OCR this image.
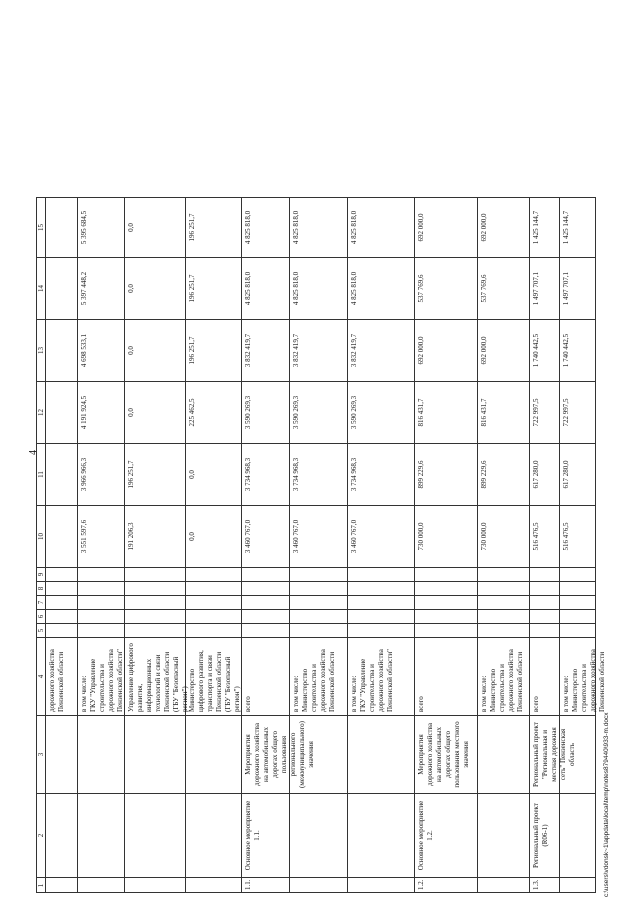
4
1
2
3
4
5
6
7
8
9
10
11
12
13
14
15
дорожного хозяйства Пензенской области	в том числе:
ГКУ "Управление строительства и дорожного хозяйства Пензенской области"
3 551 597,6
3 966 966,3
4 191 924,5
4 698 533,1
5 397 448,2
5 395 684,5
Управление цифрового развития, информационных технологий и связи Пензенской области (ГБУ "Безопасный регион")
191 206,3
196 251,7
0,0
0,0
0,0
0,0
Министерство цифрового развития, транспорта и связи Пензенской области (ГБУ "Безопасный регион")
0,0
0,0
225 462,5
196 251,7
196 251,7
196 251,7
1.1.
Основное мероприятие 1.1.
Мероприятия дорожного хозяйства на автомобильных дорогах общего пользования регионального (межмуниципального) значения
всего
3 460 767,0
3 734 968,3
3 590 269,3
3 832 419,7
4 825 818,0
4 825 818,0
в том числе:
Министерство строительства и дорожного хозяйства Пензенской области
3 460 767,0
3 734 968,3
3 590 269,3
3 832 419,7
4 825 818,0
4 825 818,0
в том числе:
ГКУ "Управление строительства и дорожного хозяйства Пензенской области"
3 460 767,0
3 734 968,3
3 590 269,3
3 832 419,7
4 825 818,0
4 825 818,0
1.2.
Основное мероприятие 1.2.
Мероприятия дорожного хозяйства на автомобильных дорогах общего пользования местного значения
всего
730 000,0
899 229,6
816 431,7
692 000,0
537 769,6
692 000,0
в том числе:
Министерство строительства и дорожного хозяйства Пензенской области
730 000,0
899 229,6
816 431,7
692 000,0
537 769,6
692 000,0
1.3.
Региональный проект (R06-1)
Региональный проект "Региональная и местная дорожная сеть" Пензенская область
всего
516 476,5
617 280,0
722 997,5
1 740 442,5
1 497 707,1
1 425 144,7
в том числе:
Министерство строительства и дорожного хозяйства Пензенской области
516 476,5
617 280,0
722 997,5
1 740 442,5
1 497 707,1
1 425 144,7
c:\users\vdonsk~1\appdata\local\temp\notes879440\933-m.docx
